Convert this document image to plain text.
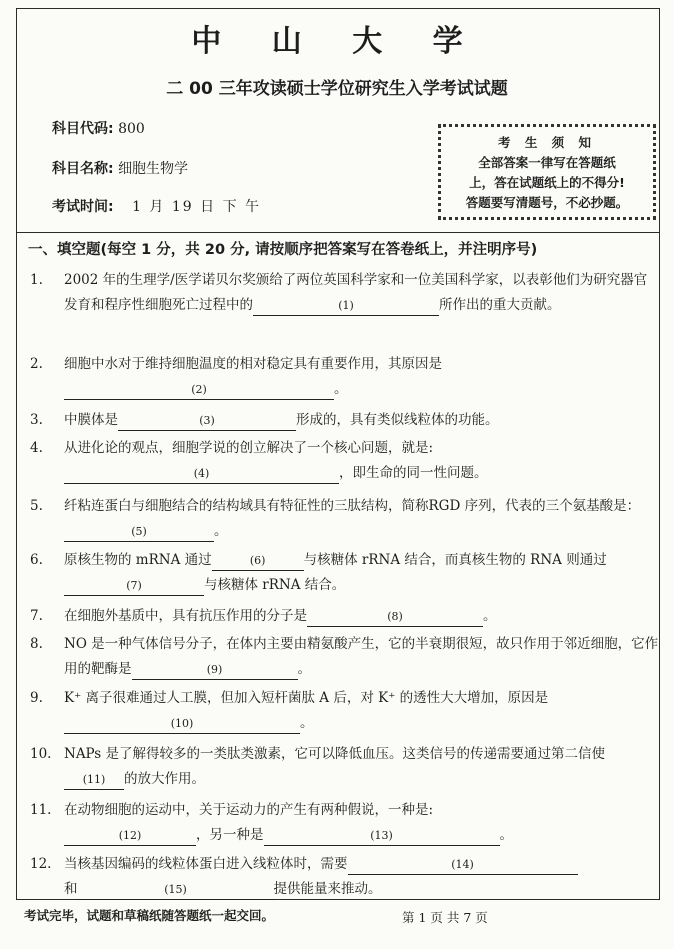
中 山 大 学
二 00 三年攻读硕士学位研究生入学考试试题
科目代码: 800
科目名称: 细胞生物学
考试时间: 1 月 19 日 下 午
考 生 须 知
全部答案一律写在答题纸
上，答在试题纸上的不得分!
答题要写清题号，不必抄题。
一、填空题(每空 1 分，共 20 分, 请按顺序把答案写在答卷纸上，并注明序号)
1.	2002 年的生理学/医学诺贝尔奖颁给了两位英国科学家和一位美国科学家，以表彰他们为研究器官发育和程序性细胞死亡过程中的	(1)	所作出的重大贡献。
2.	细胞中水对于维持细胞温度的相对稳定具有重要作用，其原因是
(2)	。
3.	中膜体是	(3)	形成的，具有类似线粒体的功能。
4.	从进化论的观点，细胞学说的创立解决了一个核心问题，就是:
(4)	，即生命的同一性问题。
5.	纤粘连蛋白与细胞结合的结构域具有特征性的三肽结构，简称RGD 序列，代表的三个氨基酸是：(5)	。
6.	原核生物的 mRNA 通过	(6)	与核糖体 rRNA 结合，而真核生物的 RNA 则通过(7)	与核糖体 rRNA 结合。
7.	在细胞外基质中，具有抗压作用的分子是	(8)	。
8.	NO 是一种气体信号分子，在体内主要由精氨酸产生，它的半衰期很短，故只作用于邻近细胞，它作用的靶酶是	(9)	。
9.	K⁺ 离子很难通过人工膜，但加入短杆菌肽 A 后，对 K⁺ 的透性大大增加，原因是(10)	。
10. NAPs 是了解得较多的一类肽类激素，它可以降低血压。这类信号的传递需要通过第二信使(11) 的放大作用。
11. 在动物细胞的运动中，关于运动力的产生有两种假说，一种是:
(12)	，另一种是	(13)	。
12. 当核基因编码的线粒体蛋白进入线粒体时，需要	(14)
和	(15)	提供能量来推动。
考试完毕，试题和草稿纸随答题纸一起交回。	第 1 页 共 7 页
